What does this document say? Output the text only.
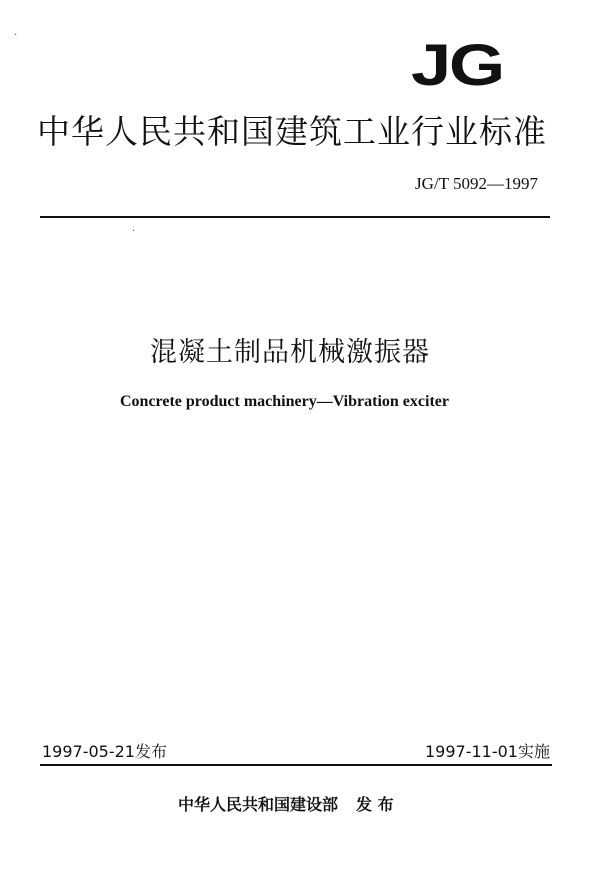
JG
中华人民共和国建筑工业行业标准
JG/T 5092—1997
·
·
混凝土制品机械激振器
Concrete product machinery—Vibration exciter
1997-05-21发布	1997-11-01实施
中华人民共和国建设部 发 布
